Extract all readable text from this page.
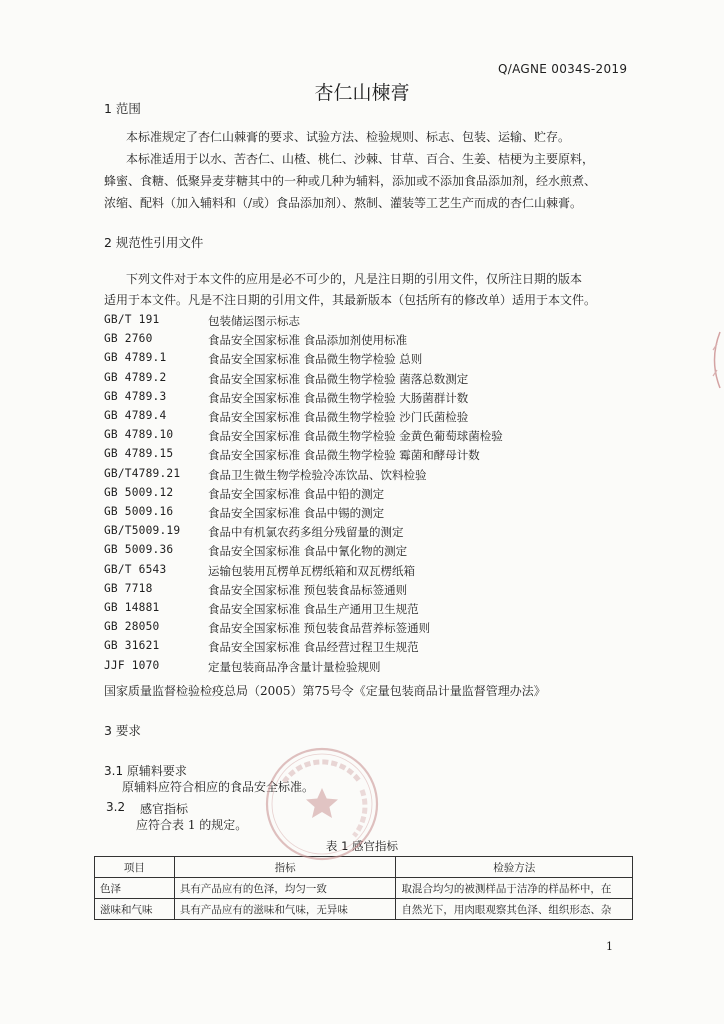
Q/AGNE 0034S-2019
杏仁山楝膏
1 范围
本标准规定了杏仁山棘膏的要求、试验方法、检验规则、标志、包装、运输、贮存。
本标准适用于以水、苦杏仁、山楂、桃仁、沙棘、甘草、百合、生姜、桔梗为主要原料，
蜂蜜、食糖、低聚异麦芽糖其中的一种或几种为辅料，添加或不添加食品添加剂，经水煎煮、
浓缩、配料（加入辅料和（/或）食品添加剂）、熬制、灌装等工艺生产而成的杏仁山棘膏。
2 规范性引用文件
下列文件对于本文件的应用是必不可少的，凡是注日期的引用文件，仅所注日期的版本
适用于本文件。凡是不注日期的引用文件，其最新版本（包括所有的修改单）适用于本文件。
GB/T 191	包装储运图示标志
GB 2760	食品安全国家标准 食品添加剂使用标准
GB 4789.1	食品安全国家标准 食品微生物学检验 总则
GB 4789.2	食品安全国家标准 食品微生物学检验 菌落总数测定
GB 4789.3	食品安全国家标准 食品微生物学检验 大肠菌群计数
GB 4789.4	食品安全国家标准 食品微生物学检验 沙门氏菌检验
GB 4789.10	食品安全国家标准 食品微生物学检验 金黄色葡萄球菌检验
GB 4789.15	食品安全国家标准 食品微生物学检验 霉菌和酵母计数
GB/T4789.21 食品卫生微生物学检验冷冻饮品、饮料检验
GB 5009.12	食品安全国家标准 食品中铅的测定
GB 5009.16	食品安全国家标准 食品中锡的测定
GB/T5009.19 食品中有机氯农药多组分残留量的测定
GB 5009.36	食品安全国家标准 食品中氰化物的测定
GB/T 6543	运输包装用瓦楞单瓦楞纸箱和双瓦楞纸箱
GB 7718	食品安全国家标准 预包装食品标签通则
GB 14881	食品安全国家标准 食品生产通用卫生规范
GB 28050	食品安全国家标准 预包装食品营养标签通则
GB 31621	食品安全国家标准 食品经营过程卫生规范
JJF 1070	定量包装商品净含量计量检验规则
国家质量监督检验检疫总局（2005）第75号令《定量包装商品计量监督管理办法》
3 要求
3.1 原辅料要求
原辅料应符合相应的食品安全标准。
3.2 感官指标
应符合表 1 的规定。
表 1 感官指标
项目	指标	检验方法
色泽	具有产品应有的色泽，均匀一致	取混合均匀的被测样品于洁净的样品杯中，在
滋味和气味	具有产品应有的滋味和气味，无异味	自然光下，用肉眼观察其色泽、组织形态、杂
1
